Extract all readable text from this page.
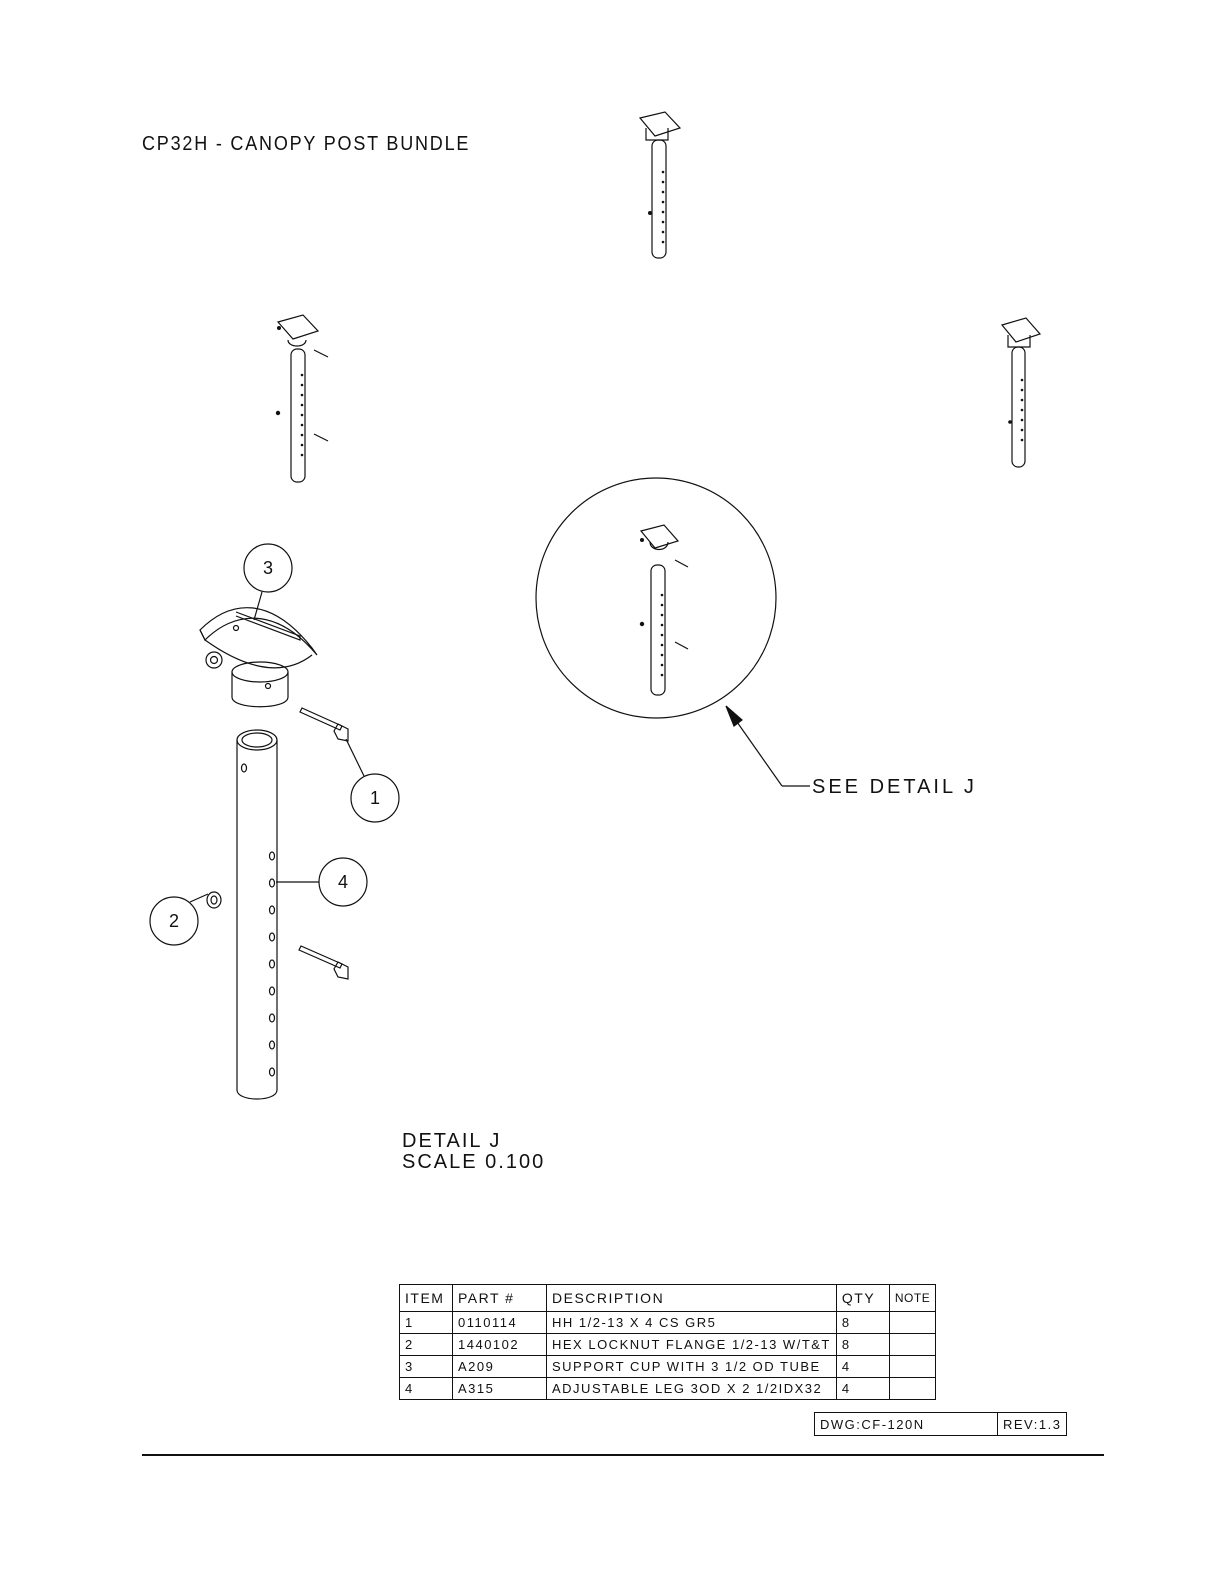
CP32H - CANOPY POST BUNDLE
3
1
4
2
SEE DETAIL J
DETAIL J
SCALE 0.100
ITEM	PART #	DESCRIPTION	QTY	NOTE
1	0110114	HH 1/2-13 X 4 CS GR5	8	
2	1440102	HEX LOCKNUT FLANGE 1/2-13 W/T&T	8	
3	A209	SUPPORT CUP WITH 3 1/2 OD TUBE	4	
4	A315	ADJUSTABLE LEG 3OD X 2 1/2IDX32	4	
DWG:CF-120N	REV:1.3
